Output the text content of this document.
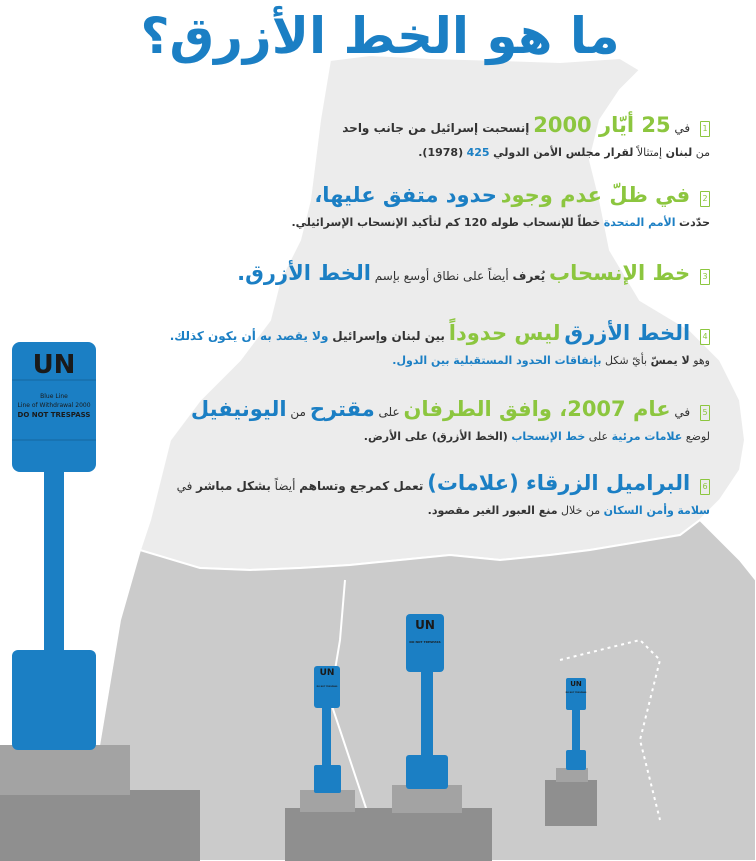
UN
Blue Line
Line of Withdrawal 2000
DO NOT TRESPASS
UN
DO NOT TRESPASS
UN
DO NOT TRESPASS	UN
DO NOT TRESPASS
ما هو الخط الأزرق؟
1 في 25 أيّار 2000 إنسحبت إسرائيل من جانب واحد
من لبنان إمتثالاً لقرار مجلس الأمن الدولي 425 (1978).
2 في ظلّ عدم وجود حدود متفق عليها،
حدّدت الأمم المتحدة خطاً للإنسحاب طوله 120 كم لتأكيد الإنسحاب الإسرائيلي.
3 خط الإنسحاب يُعرف أيضاً على نطاق أوسع بإسم الخط الأزرق.
4 الخط الأزرق ليس حدوداً بين لبنان وإسرائيل ولا يقصد به أن يكون كذلك.
وهو لا يمسّ بأيّ شكل بإتفاقات الحدود المستقبلية بين الدول.
5 في عام 2007، وافق الطرفان على مقترح من اليونيفيل
لوضع علامات مرئية على خط الإنسحاب (الخط الأزرق) على الأرض.
6 البراميل الزرقاء (علامات) تعمل كمرجع وتساهم أيضاً بشكل مباشر في
سلامة وأمن السكان من خلال منع العبور الغير مقصود.
